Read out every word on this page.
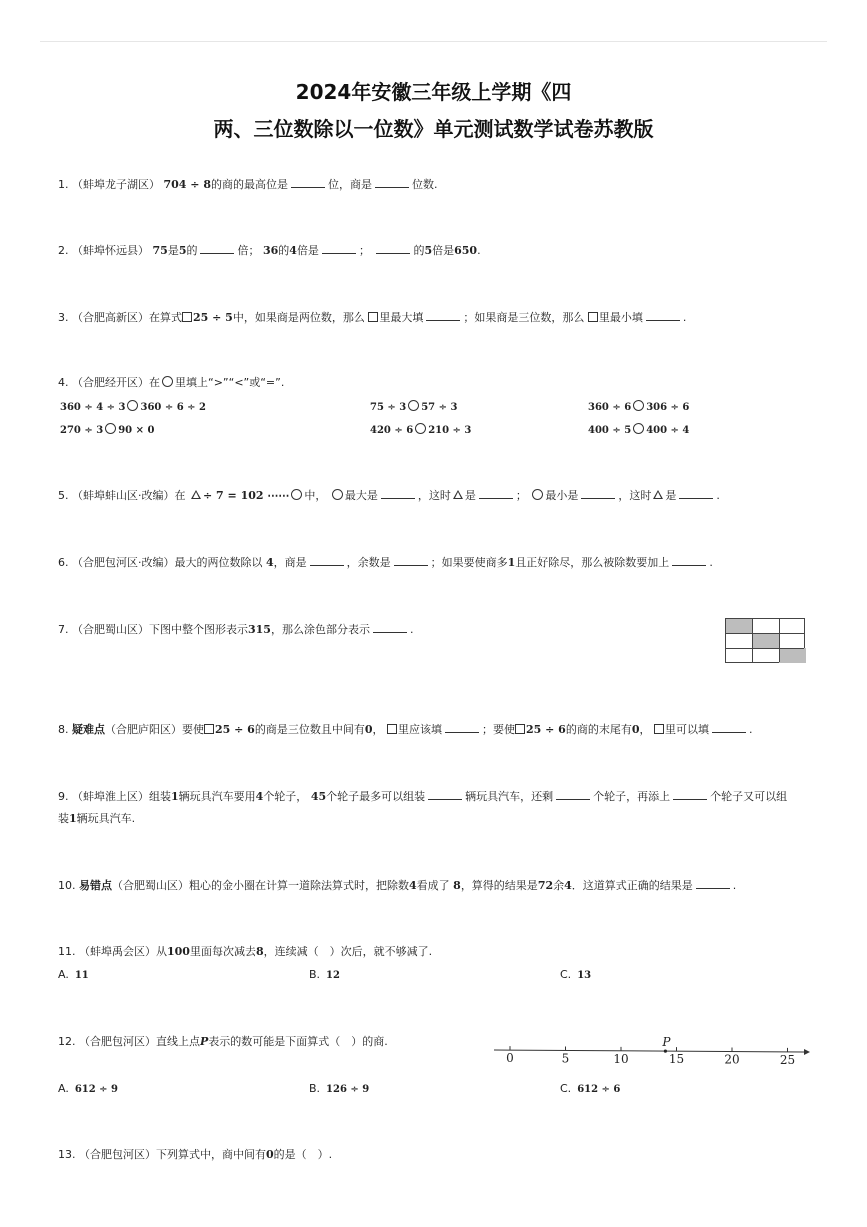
2024年安徽三年级上学期《四
两、三位数除以一位数》单元测试数学试卷苏教版
1. （蚌埠龙子湖区） 704 ÷ 8的商的最高位是	位，商是	位数.
2. （蚌埠怀远县） 75是5的	倍； 36的4倍是	；	的5倍是650.
3. （合肥高新区）在算式 25 ÷ 5中，如果商是两位数，那么 里最大填	；如果商是三位数，那么 里最小填	.
4. （合肥经开区）在 里填上“>”“<”或“=”.
360 ÷ 4 ÷ 3 360 ÷ 6 ÷ 2	75 ÷ 3 57 ÷ 3	360 ÷ 6 306 ÷ 6
270 ÷ 3 90 × 0	420 ÷ 6 210 ÷ 3	400 ÷ 5 400 ÷ 4
5. （蚌埠蚌山区·改编）在 ÷ 7 = 102 ⋯⋯ 中， 最大是	，这时 是	； 最小是	，这时 是	.
6. （合肥包河区·改编）最大的两位数除以 4，商是	，余数是	；如果要使商多1且正好除尽，那么被除数要加上	.
7. （合肥蜀山区）下图中整个图形表示315，那么涂色部分表示	.
8. 疑难点（合肥庐阳区）要使 25 ÷ 6的商是三位数且中间有0， 里应该填	；要使 25 ÷ 6的商的末尾有0， 里可以填	.
9. （蚌埠淮上区）组装1辆玩具汽车要用4个轮子， 45个轮子最多可以组装	辆玩具汽车，还剩	个轮子，再添上	个轮子又可以组
装1辆玩具汽车.
10. 易错点（合肥蜀山区）粗心的金小圈在计算一道除法算式时，把除数4看成了 8，算得的结果是72余4．这道算式正确的结果是	.
11. （蚌埠禹会区）从100里面每次减去8，连续减（　）次后，就不够减了.
A. 11	B. 12	C. 13
12. （合肥包河区）直线上点P表示的数可能是下面算式（　）的商.
0	5	10	15	20	25
P
A. 612 ÷ 9	B. 126 ÷ 9	C. 612 ÷ 6
13. （合肥包河区）下列算式中，商中间有0的是（　）.
